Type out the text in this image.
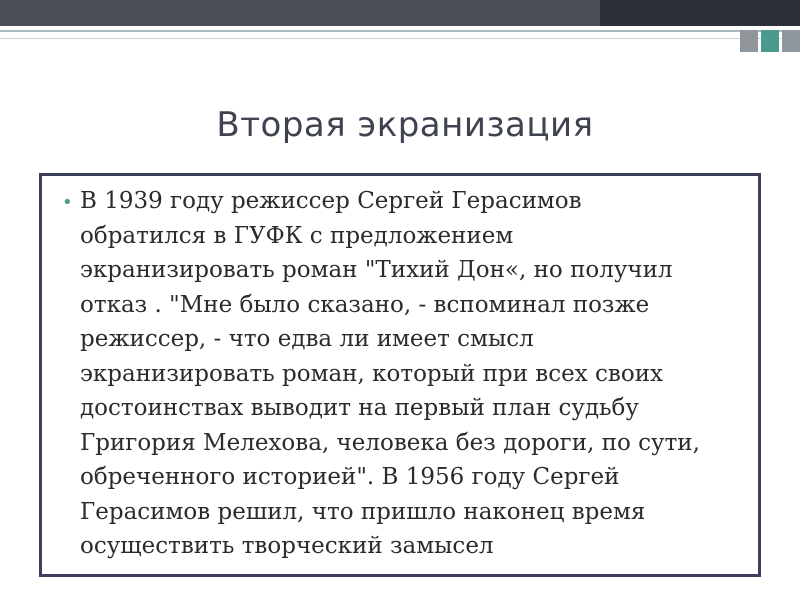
Вторая экранизация
• В 1939 году режиссер Сергей Герасимов
обратился в ГУФК с предложением
экранизировать роман "Тихий Дон«, но получил
отказ . "Мне было сказано, - вспоминал позже
режиссер, - что едва ли имеет смысл
экранизировать роман, который при всех своих
достоинствах выводит на первый план судьбу
Григория Мелехова, человека без дороги, по сути,
обреченного историей". В 1956 году Сергей
Герасимов решил, что пришло наконец время
осуществить творческий замысел
